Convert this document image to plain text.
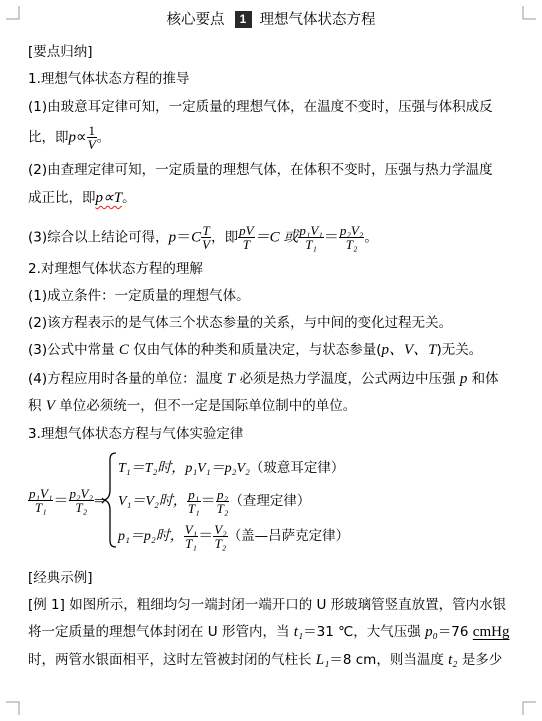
核心要点 1 理想气体状态方程
[要点归纳]
1.理想气体状态方程的推导
(1)由玻意耳定律可知，一定质量的理想气体，在温度不变时，压强与体积成反
比，即$p\propto \frac{1}{V}$ 。
(2)由查理定律可知，一定质量的理想气体，在体积不变时，压强与热力学温度
成正比，即p∝T。
(3)综合以上结论可得，$p=C \frac{T}{V}$ ，即 $\frac{pV}{T} =C$ 或 $\frac{\text{p₁V₁}}{\text{T₁}} = \frac{\text{p₂V₂}}{\text{T₂}}$ 。
2.对理想气体状态方程的理解
(1)成立条件：一定质量的理想气体。
(2)该方程表示的是气体三个状态参量的关系，与中间的变化过程无关。
(3)公式中常量 C 仅由气体的种类和质量决定，与状态参量(p、V、T)无关。
(4)方程应用时各量的单位：温度 T 必须是热力学温度，公式两边中压强 p 和体
积 V 单位必须统一，但不一定是国际单位制中的单位。
3.理想气体状态方程与气体实验定律
$\frac{\text{p₁V₁}}{\text{T₁}} = \frac{\text{p₂V₂}}{\text{T₂}}$ ⇒
T₁＝T₂时，p₁V₁＝p₂V₂（玻意耳定律）
V₁＝V₂时， $\frac{\text{p₁}}{\text{T₁}} = \frac{\text{p₂}}{\text{T₂}}$ （查理定律）
p₁＝p₂时， $\frac{\text{V₁}}{\text{T₁}} = \frac{\text{V₂}}{\text{T₂}}$ （盖—吕萨克定律）
[经典示例]
[例 1] 如图所示，粗细均匀一端封闭一端开口的 U 形玻璃管竖直放置，管内水银
将一定质量的理想气体封闭在 U 形管内，当 t₁＝31 ℃，大气压强 p₀＝76 cmHg
时，两管水银面相平，这时左管被封闭的气柱长 L₁＝8 cm，则当温度 t₂ 是多少
